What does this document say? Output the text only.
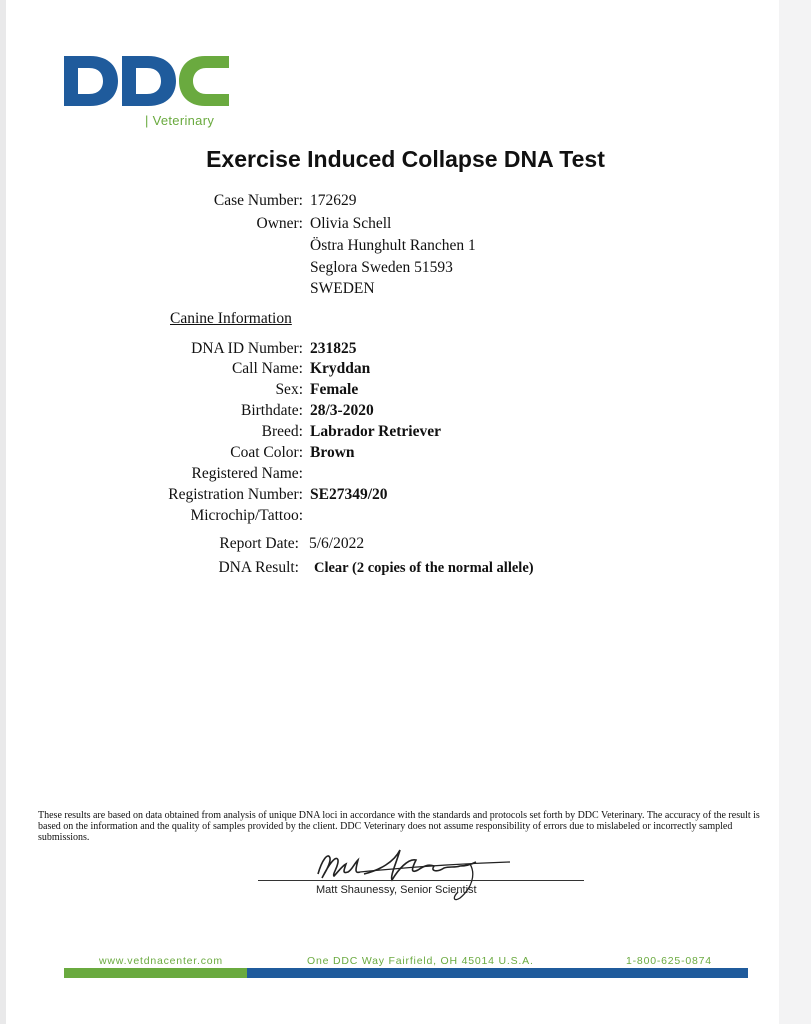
| Veterinary
Exercise Induced Collapse DNA Test
Case Number: 172629
Owner: Olivia Schell
Östra Hunghult Ranchen 1
Seglora Sweden 51593
SWEDEN
Canine Information
DNA ID Number: 231825
Call Name: Kryddan
Sex: Female
Birthdate: 28/3-2020
Breed: Labrador Retriever
Coat Color: Brown
Registered Name:
Registration Number: SE27349/20
Microchip/Tattoo:
Report Date: 5/6/2022
DNA Result: Clear (2 copies of the normal allele)
These results are based on data obtained from analysis of unique DNA loci in accordance with the standards and protocols set forth by DDC Veterinary. The accuracy of the result is based on the information and the quality of samples provided by the client. DDC Veterinary does not assume responsibility of errors due to mislabeled or incorrectly sampled submissions.
Matt Shaunessy, Senior Scientist
www.vetdnacenter.com	One DDC Way Fairfield, OH 45014 U.S.A.	1-800-625-0874
